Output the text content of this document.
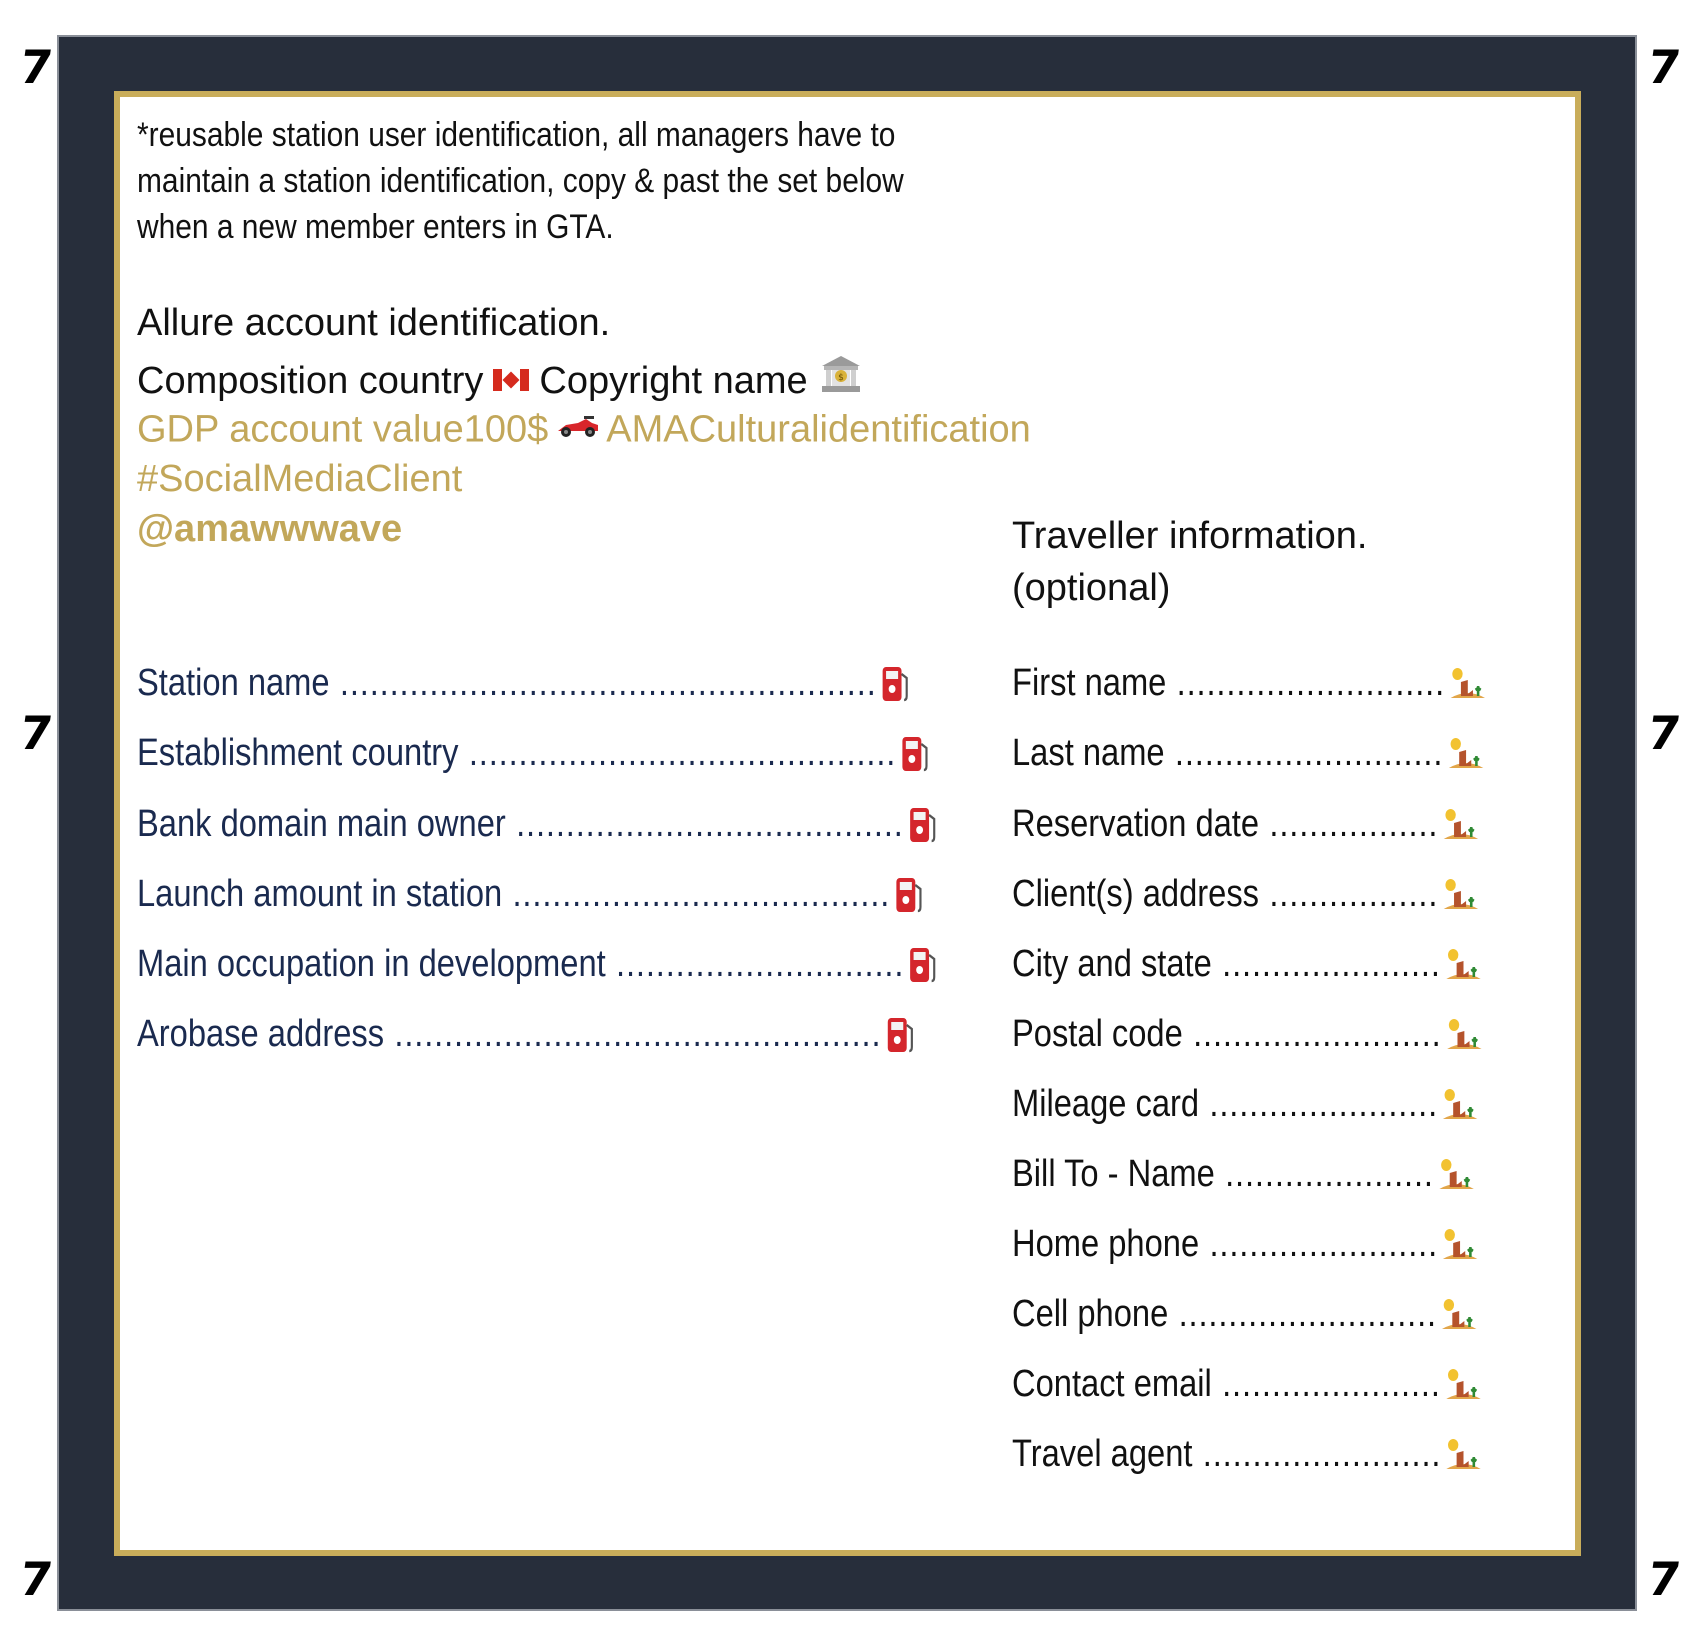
7	7
7	7
7	7
*reusable station user identification, all managers have to
maintain a station identification, copy & past the set below
when a new member enters in GTA.
Allure account identification.
Composition country Copyright name	$
GDP account value100$ AMACulturalidentification
#SocialMediaClient
@amawwwave	Traveller information.
(optional)
Station name ......................................................
Establishment country ...........................................
Bank domain main owner .......................................
Launch amount in station ......................................
Main occupation in development .............................
Arobase address .................................................
First name ...........................
Last name ...........................
Reservation date .................
Client(s) address .................
City and state ......................
Postal code .........................
Mileage card .......................
Bill To - Name .....................
Home phone .......................
Cell phone ..........................
Contact email ......................
Travel agent ........................
